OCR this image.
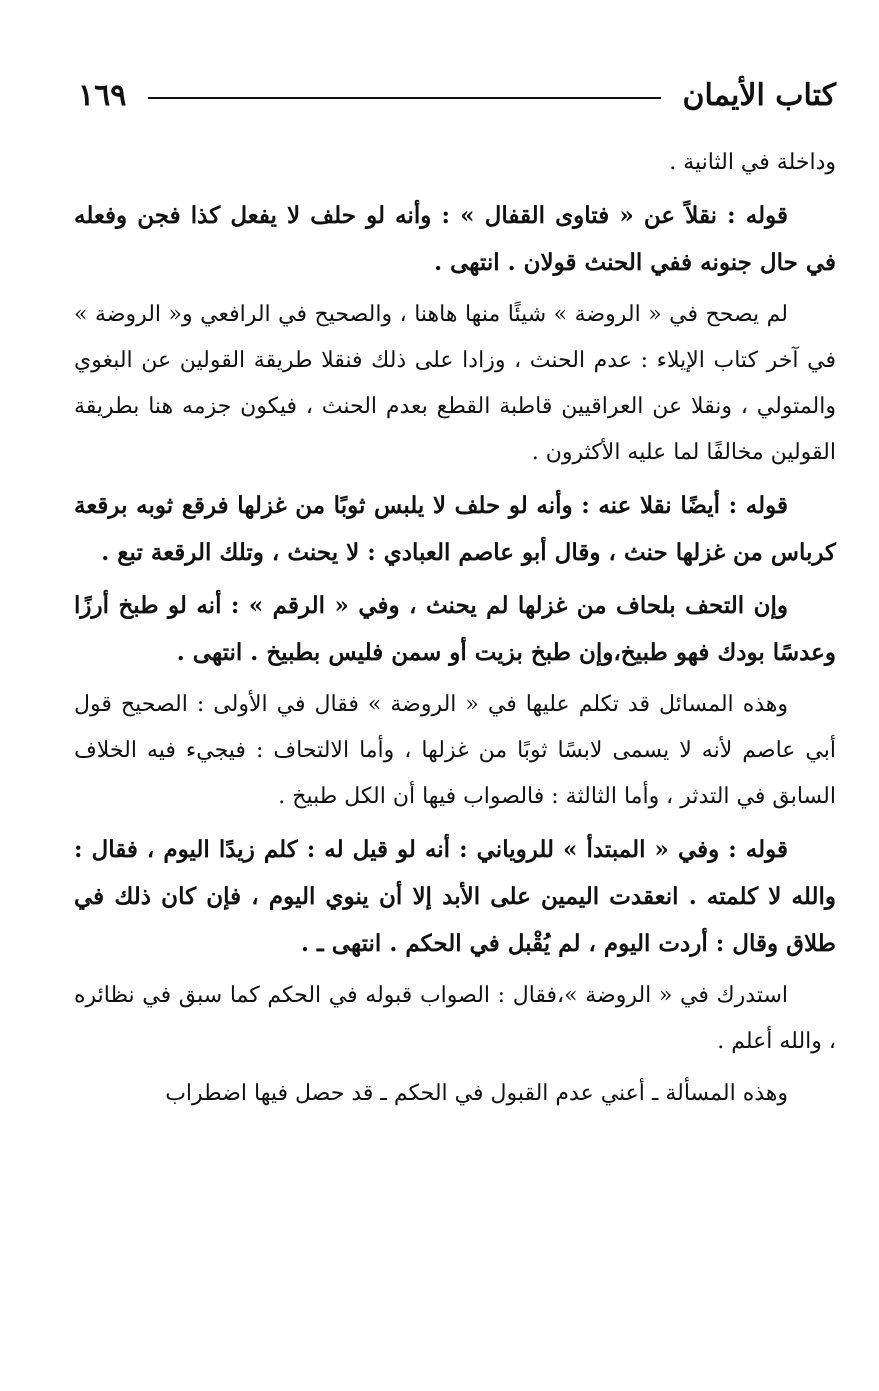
كتاب الأيمان
١٦٩

وداخلة في الثانية .

قوله : نقلاً عن « فتاوى القفال » : وأنه لو حلف لا يفعل كذا فجن وفعله في حال جنونه ففي الحنث قولان . انتهى .

لم يصحح في « الروضة » شيئًا منها هاهنا ، والصحيح في الرافعي و« الروضة » في آخر كتاب الإيلاء : عدم الحنث ، وزادا على ذلك فنقلا طريقة القولين عن البغوي والمتولي ، ونقلا عن العراقيين قاطبة القطع بعدم الحنث ، فيكون جزمه هنا بطريقة القولين مخالفًا لما عليه الأكثرون .

قوله : أيضًا نقلا عنه : وأنه لو حلف لا يلبس ثوبًا من غزلها فرقع ثوبه برقعة كرباس من غزلها حنث ، وقال أبو عاصم العبادي : لا يحنث ، وتلك الرقعة تبع .

وإن التحف بلحاف من غزلها لم يحنث ، وفي « الرقم » : أنه لو طبخ أرزًا وعدسًا بودك فهو طبيخ،وإن طبخ بزيت أو سمن فليس بطبيخ . انتهى .

وهذه المسائل قد تكلم عليها في « الروضة » فقال في الأولى : الصحيح قول أبي عاصم لأنه لا يسمى لابسًا ثوبًا من غزلها ، وأما الالتحاف : فيجيء فيه الخلاف السابق في التدثر ، وأما الثالثة : فالصواب فيها أن الكل طبيخ .

قوله : وفي « المبتدأ » للروياني : أنه لو قيل له : كلم زيدًا اليوم ، فقال : والله لا كلمته . انعقدت اليمين على الأبد إلا أن ينوي اليوم ، فإن كان ذلك في طلاق وقال : أردت اليوم ، لم يُقْبل في الحكم . انتهى ـ .

استدرك في « الروضة »،فقال : الصواب قبوله في الحكم كما سبق في نظائره ، والله أعلم .

وهذه المسألة ـ أعني عدم القبول في الحكم ـ قد حصل فيها اضطراب
